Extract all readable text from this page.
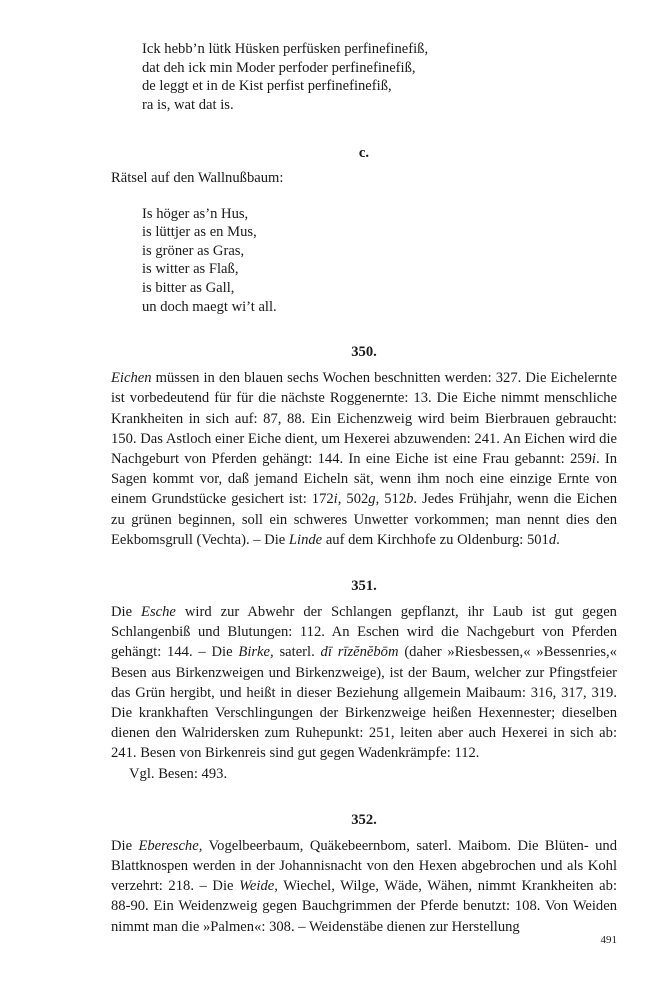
Ick hebb’n lütk Hüsken perfüsken perfinefinefiß,
dat deh ick min Moder perfoder perfinefinefiß,
de leggt et in de Kist perfist perfinefinefiß,
ra is, wat dat is.
c.
Rätsel auf den Wallnußbaum:
Is höger as’n Hus,
is lüttjer as en Mus,
is gröner as Gras,
is witter as Flaß,
is bitter as Gall,
un doch maegt wi’t all.
350.

Eichen müssen in den blauen sechs Wochen beschnitten werden: 327. Die Eichelernte ist vorbedeutend für für die nächste Roggenernte: 13. Die Eiche nimmt menschliche Krankheiten in sich auf: 87, 88. Ein Eichenzweig wird beim Bierbrauen gebraucht: 150. Das Astloch einer Eiche dient, um Hexerei abzuwenden: 241. An Eichen wird die Nachgeburt von Pferden gehängt: 144. In eine Eiche ist eine Frau gebannt: 259i. In Sagen kommt vor, daß jemand Eicheln sät, wenn ihm noch eine einzige Ernte von einem Grundstücke gesichert ist: 172i, 502g, 512b. Jedes Frühjahr, wenn die Eichen zu grünen beginnen, soll ein schweres Unwetter vorkommen; man nennt dies den Eekbomsgrull (Vechta). – Die Linde auf dem Kirchhofe zu Oldenburg: 501d.

351.

Die Esche wird zur Abwehr der Schlangen gepflanzt, ihr Laub ist gut gegen Schlangenbiß und Blutungen: 112. An Eschen wird die Nachgeburt von Pferden gehängt: 144. – Die Birke, saterl. dī rīzĕnĕbōm (daher »Riesbessen,« »Bessenries,« Besen aus Birkenzweigen und Birkenzweige), ist der Baum, welcher zur Pfingstfeier das Grün hergibt, und heißt in dieser Beziehung allgemein Maibaum: 316, 317, 319. Die krankhaften Verschlingungen der Birkenzweige heißen Hexennester; dieselben dienen den Walridersken zum Ruhepunkt: 251, leiten aber auch Hexerei in sich ab: 241. Besen von Birkenreis sind gut gegen Wadenkrämpfe: 112.

Vgl. Besen: 493.

352.

Die Eberesche, Vogelbeerbaum, Quäkebeernbom, saterl. Maibom. Die Blüten- und Blattknospen werden in der Johannisnacht von den Hexen abgebrochen und als Kohl verzehrt: 218. – Die Weide, Wiechel, Wilge, Wäde, Wähen, nimmt Krankheiten ab: 88-90. Ein Weidenzweig gegen Bauchgrimmen der Pferde benutzt: 108. Von Weiden nimmt man die »Palmen«: 308. – Weidenstäbe dienen zur Herstellung

491
